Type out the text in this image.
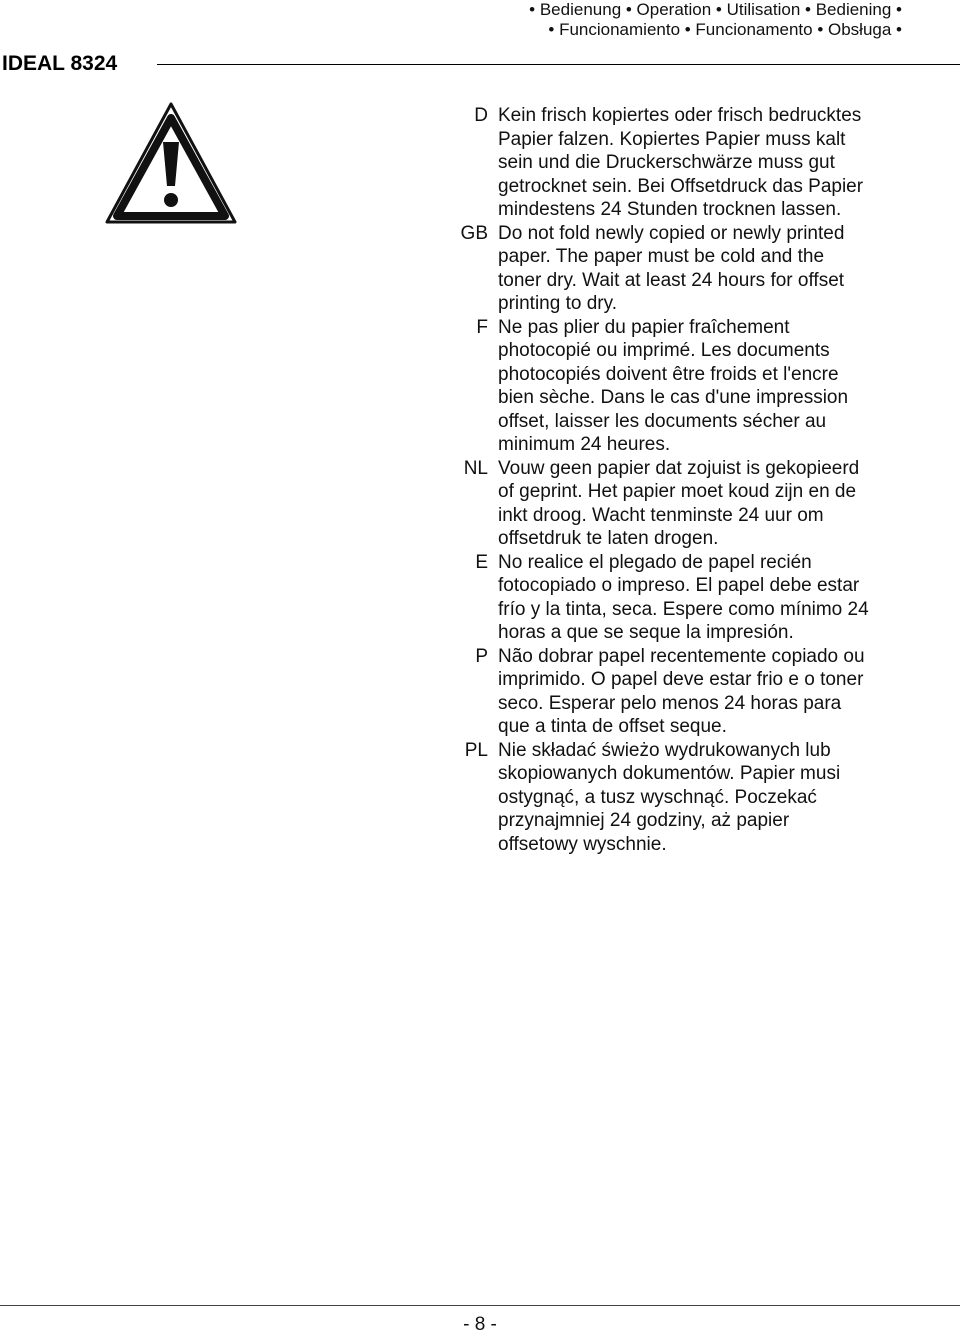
• Bedienung • Operation • Utilisation • Bediening •
• Funcionamiento • Funcionamento • Obsługa •
IDEAL 8324
D Kein frisch kopiertes oder frisch bedrucktes
Papier falzen. Kopiertes Papier muss kalt
sein und die Druckerschwärze muss gut
getrocknet sein. Bei Offsetdruck das Papier
mindestens 24 Stunden trocknen lassen.
GB Do not fold newly copied or newly printed
paper. The paper must be cold and the
toner dry. Wait at least 24 hours for offset
printing to dry.
F Ne pas plier du papier fraîchement
photocopié ou imprimé. Les documents
photocopiés doivent être froids et l'encre
bien sèche. Dans le cas d'une impression
offset, laisser les documents sécher au
minimum 24 heures.
NL Vouw geen papier dat zojuist is gekopieerd
of geprint. Het papier moet koud zijn en de
inkt droog. Wacht tenminste 24 uur om
offsetdruk te laten drogen.
E No realice el plegado de papel recién
fotocopiado o impreso. El papel debe estar
frío y la tinta, seca. Espere como mínimo 24
horas a que se seque la impresión.
P Não dobrar papel recentemente copiado ou
imprimido. O papel deve estar frio e o toner
seco. Esperar pelo menos 24 horas para
que a tinta de offset seque.
PL Nie składać świeżo wydrukowanych lub
skopiowanych dokumentów. Papier musi
ostygnąć, a tusz wyschnąć. Poczekać
przynajmniej 24 godziny, aż papier
offsetowy wyschnie.
- 8 -
